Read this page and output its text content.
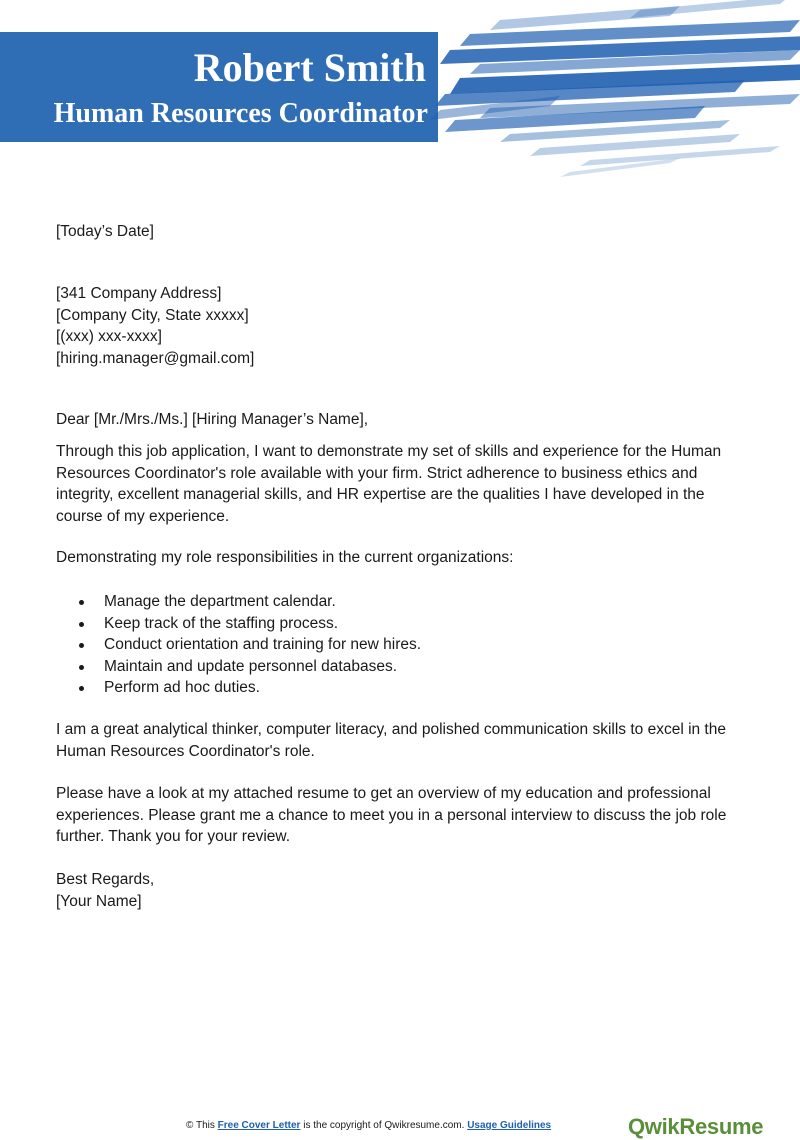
Robert Smith
Human Resources Coordinator

[Today’s Date]

[341 Company Address]

[Company City, State xxxxx]

[(xxx) xxx-xxxx]

[hiring.manager@gmail.com]

Dear [Mr./Mrs./Ms.] [Hiring Manager’s Name],

Through this job application, I want to demonstrate my set of skills and experience for the Human Resources Coordinator's role available with your firm. Strict adherence to business ethics and integrity, excellent managerial skills, and HR expertise are the qualities I have developed in the course of my experience.

Demonstrating my role responsibilities in the current organizations:

Manage the department calendar.
Keep track of the staffing process.
Conduct orientation and training for new hires.
Maintain and update personnel databases.
Perform ad hoc duties.

I am a great analytical thinker, computer literacy, and polished communication skills to excel in the Human Resources Coordinator's role.

Please have a look at my attached resume to get an overview of my education and professional experiences. Please grant me a chance to meet you in a personal interview to discuss the job role further. Thank you for your review.

Best Regards,

[Your Name]

© This Free Cover Letter is the copyright of Qwikresume.com. Usage Guidelines	QwikResume
